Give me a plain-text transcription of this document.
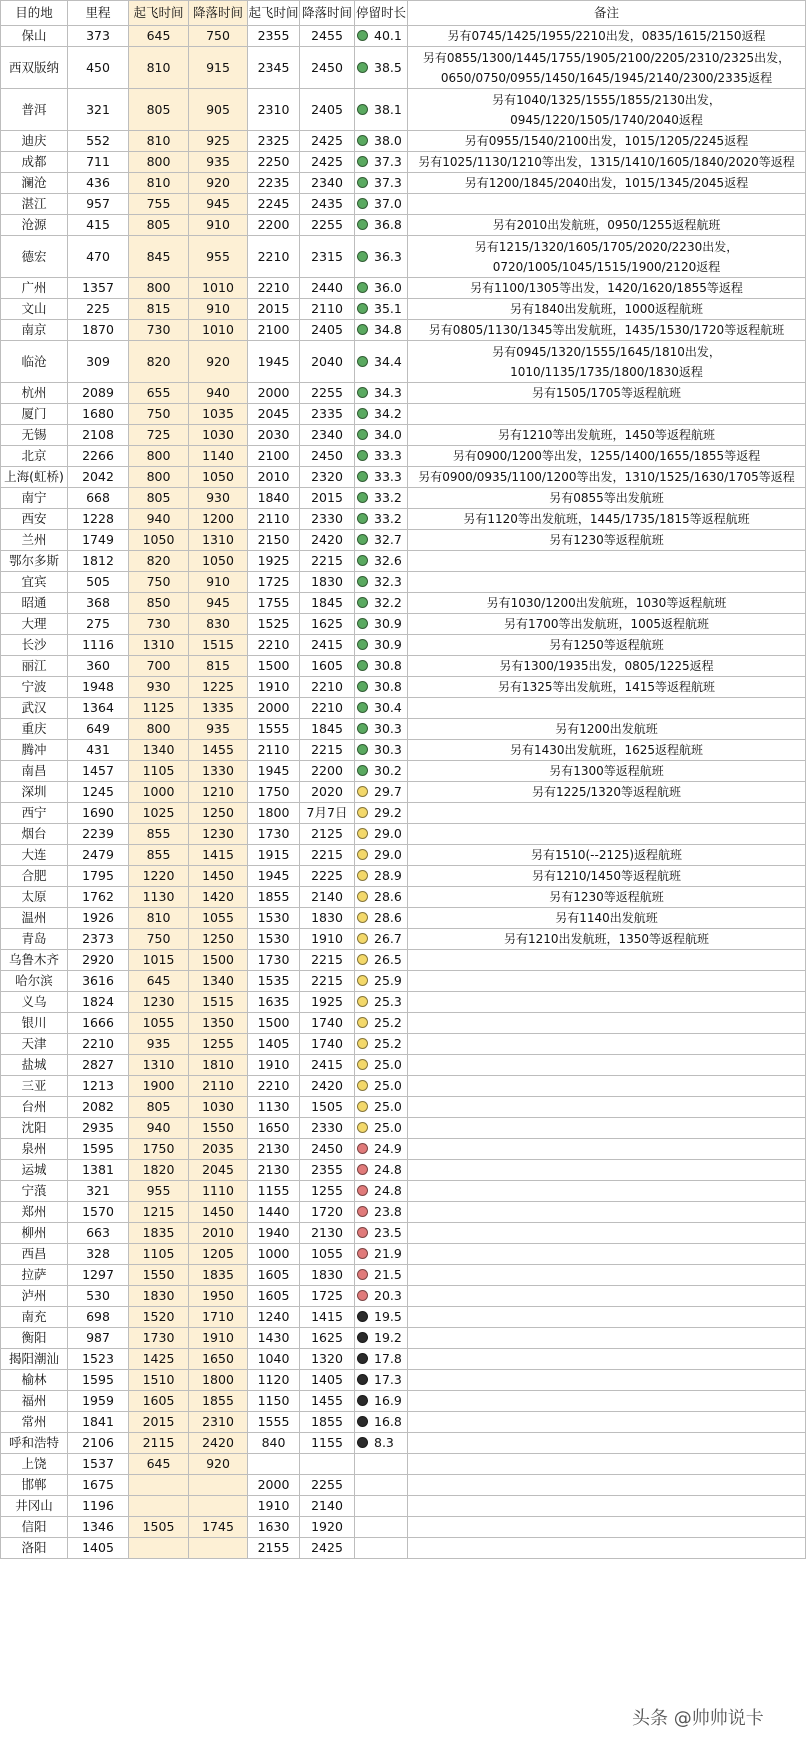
目的地	里程	起飞时间	降落时间	起飞时间	降落时间	停留时长	备注
保山	373	645	750	2355	2455	40.1	另有0745/1425/1955/2210出发，0835/1615/2150返程
西双版纳	450	810	915	2345	2450	38.5	另有0855/1300/1445/1755/1905/2100/2205/2310/2325出发，0650/0750/0955/1450/1645/1945/2140/2300/2335返程
普洱	321	805	905	2310	2405	38.1	另有1040/1325/1555/1855/2130出发，0945/1220/1505/1740/2040返程
迪庆	552	810	925	2325	2425	38.0	另有0955/1540/2100出发，1015/1205/2245返程
成都	711	800	935	2250	2425	37.3	另有1025/1130/1210等出发，1315/1410/1605/1840/2020等返程
澜沧	436	810	920	2235	2340	37.3	另有1200/1845/2040出发，1015/1345/2045返程
湛江	957	755	945	2245	2435	37.0	
沧源	415	805	910	2200	2255	36.8	另有2010出发航班，0950/1255返程航班
德宏	470	845	955	2210	2315	36.3	另有1215/1320/1605/1705/2020/2230出发，0720/1005/1045/1515/1900/2120返程
广州	1357	800	1010	2210	2440	36.0	另有1100/1305等出发，1420/1620/1855等返程
文山	225	815	910	2015	2110	35.1	另有1840出发航班，1000返程航班
南京	1870	730	1010	2100	2405	34.8	另有0805/1130/1345等出发航班，1435/1530/1720等返程航班
临沧	309	820	920	1945	2040	34.4	另有0945/1320/1555/1645/1810出发，1010/1135/1735/1800/1830返程
杭州	2089	655	940	2000	2255	34.3	另有1505/1705等返程航班
厦门	1680	750	1035	2045	2335	34.2	
无锡	2108	725	1030	2030	2340	34.0	另有1210等出发航班，1450等返程航班
北京	2266	800	1140	2100	2450	33.3	另有0900/1200等出发，1255/1400/1655/1855等返程
上海(虹桥)	2042	800	1050	2010	2320	33.3	另有0900/0935/1100/1200等出发，1310/1525/1630/1705等返程
南宁	668	805	930	1840	2015	33.2	另有0855等出发航班
西安	1228	940	1200	2110	2330	33.2	另有1120等出发航班，1445/1735/1815等返程航班
兰州	1749	1050	1310	2150	2420	32.7	另有1230等返程航班
鄂尔多斯	1812	820	1050	1925	2215	32.6	
宜宾	505	750	910	1725	1830	32.3	
昭通	368	850	945	1755	1845	32.2	另有1030/1200出发航班，1030等返程航班
大理	275	730	830	1525	1625	30.9	另有1700等出发航班，1005返程航班
长沙	1116	1310	1515	2210	2415	30.9	另有1250等返程航班
丽江	360	700	815	1500	1605	30.8	另有1300/1935出发，0805/1225返程
宁波	1948	930	1225	1910	2210	30.8	另有1325等出发航班，1415等返程航班
武汉	1364	1125	1335	2000	2210	30.4	
重庆	649	800	935	1555	1845	30.3	另有1200出发航班
腾冲	431	1340	1455	2110	2215	30.3	另有1430出发航班，1625返程航班
南昌	1457	1105	1330	1945	2200	30.2	另有1300等返程航班
深圳	1245	1000	1210	1750	2020	29.7	另有1225/1320等返程航班
西宁	1690	1025	1250	1800	7月7日	29.2	
烟台	2239	855	1230	1730	2125	29.0	
大连	2479	855	1415	1915	2215	29.0	另有1510(--2125)返程航班
合肥	1795	1220	1450	1945	2225	28.9	另有1210/1450等返程航班
太原	1762	1130	1420	1855	2140	28.6	另有1230等返程航班
温州	1926	810	1055	1530	1830	28.6	另有1140出发航班
青岛	2373	750	1250	1530	1910	26.7	另有1210出发航班，1350等返程航班
乌鲁木齐	2920	1015	1500	1730	2215	26.5	
哈尔滨	3616	645	1340	1535	2215	25.9	
义乌	1824	1230	1515	1635	1925	25.3	
银川	1666	1055	1350	1500	1740	25.2	
天津	2210	935	1255	1405	1740	25.2	
盐城	2827	1310	1810	1910	2415	25.0	
三亚	1213	1900	2110	2210	2420	25.0	
台州	2082	805	1030	1130	1505	25.0	
沈阳	2935	940	1550	1650	2330	25.0	
泉州	1595	1750	2035	2130	2450	24.9	
运城	1381	1820	2045	2130	2355	24.8	
宁蒗	321	955	1110	1155	1255	24.8	
郑州	1570	1215	1450	1440	1720	23.8	
柳州	663	1835	2010	1940	2130	23.5	
西昌	328	1105	1205	1000	1055	21.9	
拉萨	1297	1550	1835	1605	1830	21.5	
泸州	530	1830	1950	1605	1725	20.3	
南充	698	1520	1710	1240	1415	19.5	
衡阳	987	1730	1910	1430	1625	19.2	
揭阳潮汕	1523	1425	1650	1040	1320	17.8	
榆林	1595	1510	1800	1120	1405	17.3	
福州	1959	1605	1855	1150	1455	16.9	
常州	1841	2015	2310	1555	1855	16.8	
呼和浩特	2106	2115	2420	840	1155	8.3	
上饶	1537	645	920				
邯郸	1675			2000	2255		
井冈山	1196			1910	2140		
信阳	1346	1505	1745	1630	1920		
洛阳	1405			2155	2425		
头条 @帅帅说卡
